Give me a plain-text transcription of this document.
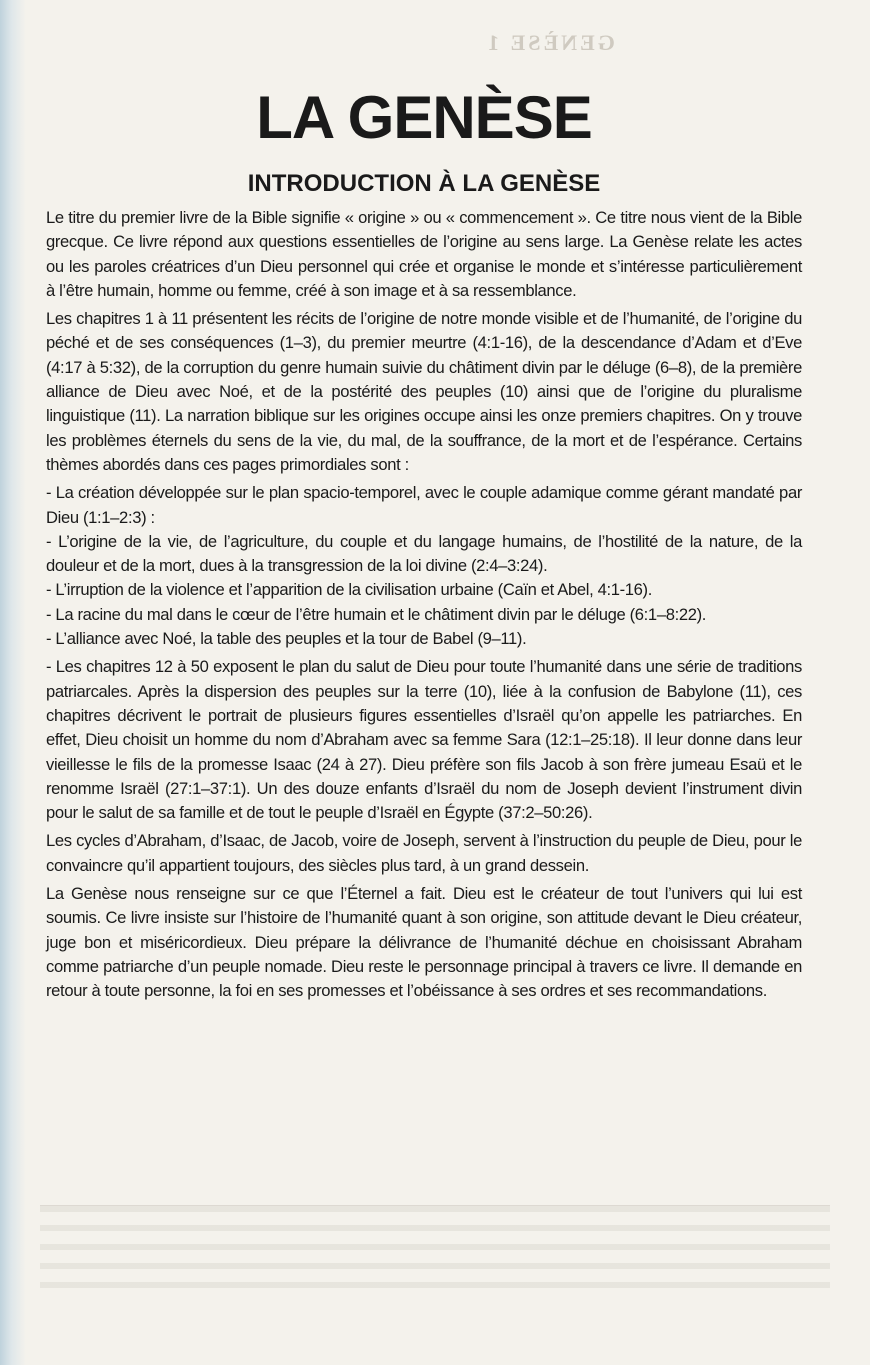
GENÈSE 1
LA GENÈSE
INTRODUCTION À LA GENÈSE

Le titre du premier livre de la Bible signifie « origine » ou « commencement ». Ce titre nous vient de la Bible grecque. Ce livre répond aux questions essentielles de l’origine au sens large. La Genèse relate les actes ou les paroles créatrices d’un Dieu personnel qui crée et organise le monde et s’intéresse particulièrement à l’être humain, homme ou femme, créé à son image et à sa ressemblance.

Les chapitres 1 à 11 présentent les récits de l’origine de notre monde visible et de l’humanité, de l’origine du péché et de ses conséquences (1–3), du premier meurtre (4:1-16), de la descendance d’Adam et d’Eve (4:17 à 5:32), de la corruption du genre humain suivie du châtiment divin par le déluge (6–8), de la première alliance de Dieu avec Noé, et de la postérité des peuples (10) ainsi que de l’origine du pluralisme linguistique (11). La narration biblique sur les origines occupe ainsi les onze premiers chapitres. On y trouve les problèmes éternels du sens de la vie, du mal, de la souffrance, de la mort et de l’espérance. Certains thèmes abordés dans ces pages primordiales sont :

- La création développée sur le plan spacio-temporel, avec le couple adamique comme gérant mandaté par Dieu (1:1–2:3) :
- L’origine de la vie, de l’agriculture, du couple et du langage humains, de l’hostilité de la nature, de la douleur et de la mort, dues à la transgression de la loi divine (2:4–3:24).
- L’irruption de la violence et l’apparition de la civilisation urbaine (Caïn et Abel, 4:1-16).
- La racine du mal dans le cœur de l’être humain et le châtiment divin par le déluge (6:1–8:22).
- L’alliance avec Noé, la table des peuples et la tour de Babel (9–11).

- Les chapitres 12 à 50 exposent le plan du salut de Dieu pour toute l’humanité dans une série de traditions patriarcales. Après la dispersion des peuples sur la terre (10), liée à la confusion de Babylone (11), ces chapitres décrivent le portrait de plusieurs figures essentielles d’Israël qu’on appelle les patriarches. En effet, Dieu choisit un homme du nom d’Abraham avec sa femme Sara (12:1–25:18). Il leur donne dans leur vieillesse le fils de la promesse Isaac (24 à 27). Dieu préfère son fils Jacob à son frère jumeau Esaü et le renomme Israël (27:1–37:1). Un des douze enfants d’Israël du nom de Joseph devient l’instrument divin pour le salut de sa famille et de tout le peuple d’Israël en Égypte (37:2–50:26).

Les cycles d’Abraham, d’Isaac, de Jacob, voire de Joseph, servent à l’instruction du peuple de Dieu, pour le convaincre qu’il appartient toujours, des siècles plus tard, à un grand dessein.

La Genèse nous renseigne sur ce que l’Éternel a fait. Dieu est le créateur de tout l’univers qui lui est soumis. Ce livre insiste sur l’histoire de l’humanité quant à son origine, son attitude devant le Dieu créateur, juge bon et miséricordieux. Dieu prépare la délivrance de l’humanité déchue en choisissant Abraham comme patriarche d’un peuple nomade. Dieu reste le personnage principal à travers ce livre. Il demande en retour à toute personne, la foi en ses promesses et l’obéissance à ses ordres et ses recommandations.
